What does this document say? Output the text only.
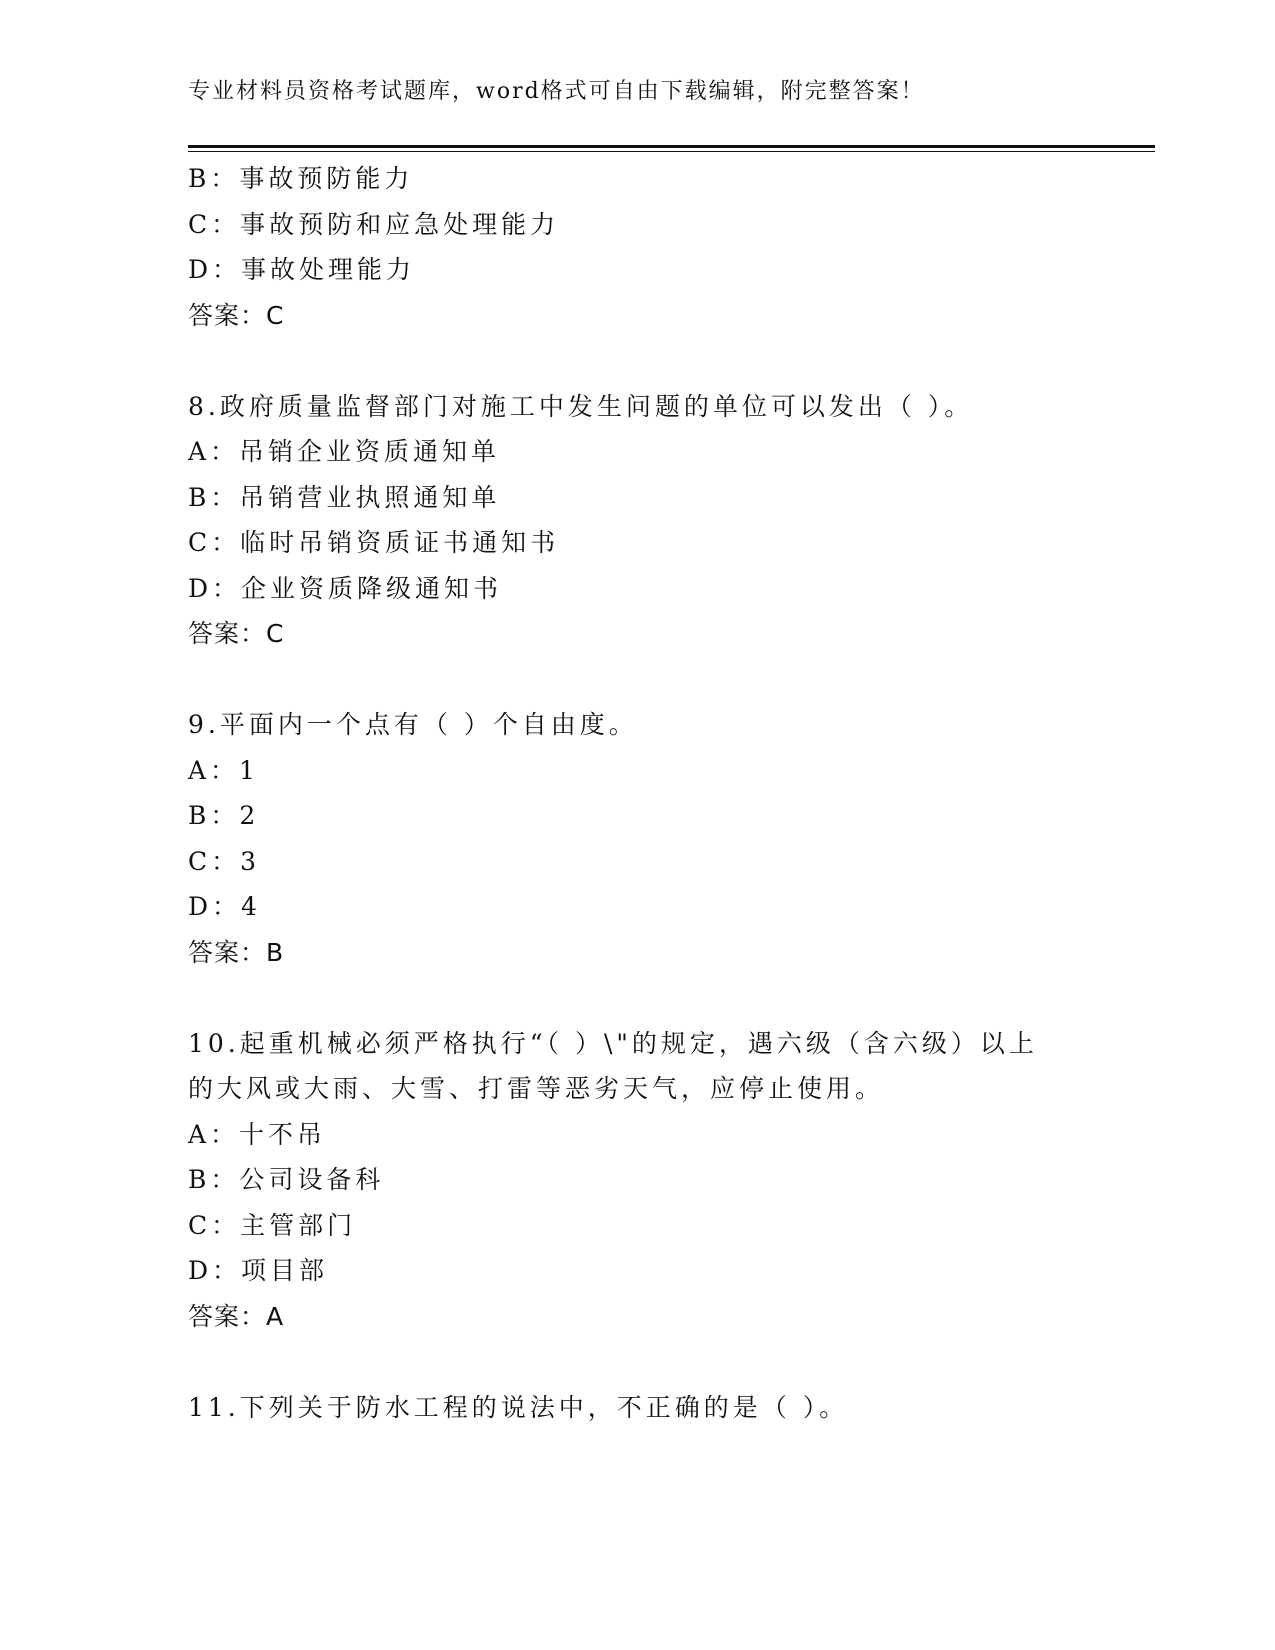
专业材料员资格考试题库，word格式可自由下载编辑，附完整答案！
B：事故预防能力
C：事故预防和应急处理能力
D：事故处理能力
答案：C
8.政府质量监督部门对施工中发生问题的单位可以发出（ ）。
A：吊销企业资质通知单
B：吊销营业执照通知单
C：临时吊销资质证书通知书
D：企业资质降级通知书
答案：C
9.平面内一个点有（ ）个自由度。
A：1
B：2
C：3
D：4
答案：B
10.起重机械必须严格执行“（ ）\"的规定，遇六级（含六级）以上
的大风或大雨、大雪、打雷等恶劣天气，应停止使用。
A：十不吊
B：公司设备科
C：主管部门
D：项目部
答案：A
11.下列关于防水工程的说法中，不正确的是（ ）。
